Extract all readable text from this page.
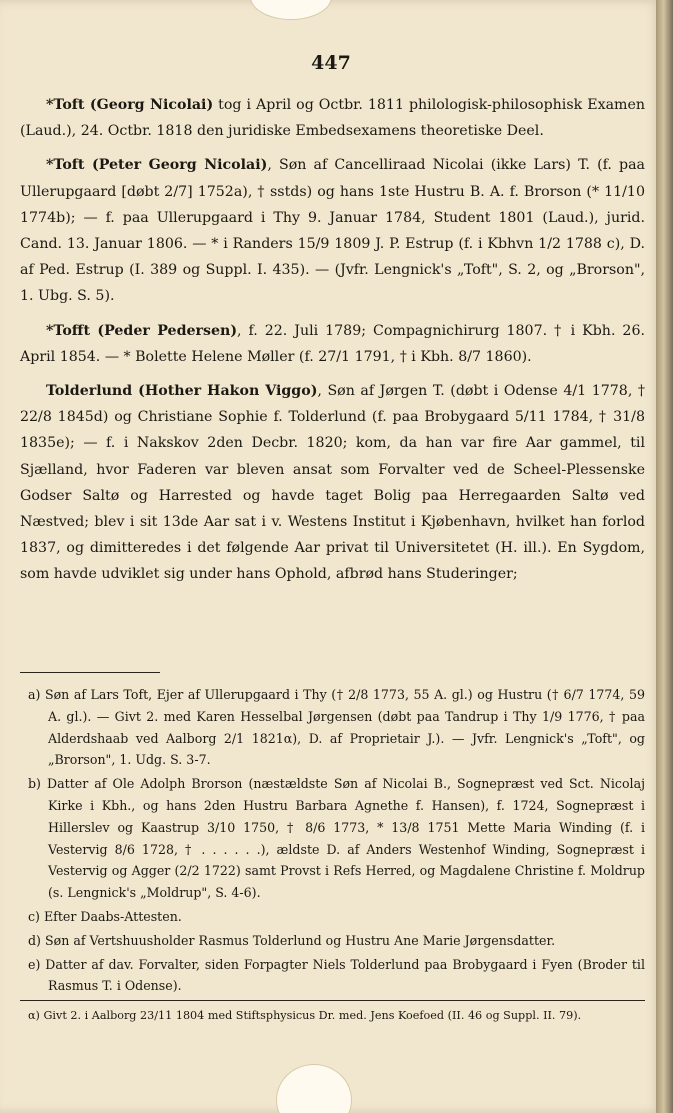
447

*Toft (Georg Nicolai) tog i April og Octbr. 1811 philologisk-philosophisk Examen (Laud.), 24. Octbr. 1818 den juridiske Embedsexamens theoretiske Deel.

*Toft (Peter Georg Nicolai), Søn af Cancelliraad Nicolai (ikke Lars) T. (f. paa Ullerupgaard [døbt 2/7] 1752a), † sstds) og hans 1ste Hustru B. A. f. Brorson (* 11/10 1774b); — f. paa Ullerupgaard i Thy 9. Januar 1784, Student 1801 (Laud.), jurid. Cand. 13. Januar 1806. — * i Randers 15/9 1809 J. P. Estrup (f. i Kbhvn 1/2 1788 c), D. af Ped. Estrup (I. 389 og Suppl. I. 435). — (Jvfr. Lengnick's „Toft", S. 2, og „Brorson", 1. Ubg. S. 5).

*Tofft (Peder Pedersen), f. 22. Juli 1789; Compagnichirurg 1807. † i Kbh. 26. April 1854. — * Bolette Helene Møller (f. 27/1 1791, † i Kbh. 8/7 1860).

Tolderlund (Hother Hakon Viggo), Søn af Jørgen T. (døbt i Odense 4/1 1778, † 22/8 1845d) og Christiane Sophie f. Tolderlund (f. paa Brobygaard 5/11 1784, † 31/8 1835e); — f. i Nakskov 2den Decbr. 1820; kom, da han var fire Aar gammel, til Sjælland, hvor Faderen var bleven ansat som Forvalter ved de Scheel-Plessenske Godser Saltø og Harrested og havde taget Bolig paa Herregaarden Saltø ved Næstved; blev i sit 13de Aar sat i v. Westens Institut i Kjøbenhavn, hvilket han forlod 1837, og dimitteredes i det følgende Aar privat til Universitetet (H. ill.). En Sygdom, som havde udviklet sig under hans Ophold, afbrød hans Studeringer;

a) Søn af Lars Toft, Ejer af Ullerupgaard i Thy († 2/8 1773, 55 A. gl.) og Hustru († 6/7 1774, 59 A. gl.). — Givt 2. med Karen Hesselbal Jørgensen (døbt paa Tandrup i Thy 1/9 1776, † paa Alderdshaab ved Aalborg 2/1 1821α), D. af Proprietair J.). — Jvfr. Lengnick's „Toft", og „Brorson", 1. Udg. S. 3-7.

b) Datter af Ole Adolph Brorson (næstældste Søn af Nicolai B., Sognepræst ved Sct. Nicolaj Kirke i Kbh., og hans 2den Hustru Barbara Agnethe f. Hansen), f. 1724, Sognepræst i Hillerslev og Kaastrup 3/10 1750, † 8/6 1773, * 13/8 1751 Mette Maria Winding (f. i Vestervig 8/6 1728, † . . . . . .), ældste D. af Anders Westenhof Winding, Sognepræst i Vestervig og Agger (2/2 1722) samt Provst i Refs Herred, og Magdalene Christine f. Moldrup (s. Lengnick's „Moldrup", S. 4-6).

c) Efter Daabs-Attesten.

d) Søn af Vertshuusholder Rasmus Tolderlund og Hustru Ane Marie Jørgensdatter.

e) Datter af dav. Forvalter, siden Forpagter Niels Tolderlund paa Brobygaard i Fyen (Broder til Rasmus T. i Odense).

α) Givt 2. i Aalborg 23/11 1804 med Stiftsphysicus Dr. med. Jens Koefoed (II. 46 og Suppl. II. 79).
